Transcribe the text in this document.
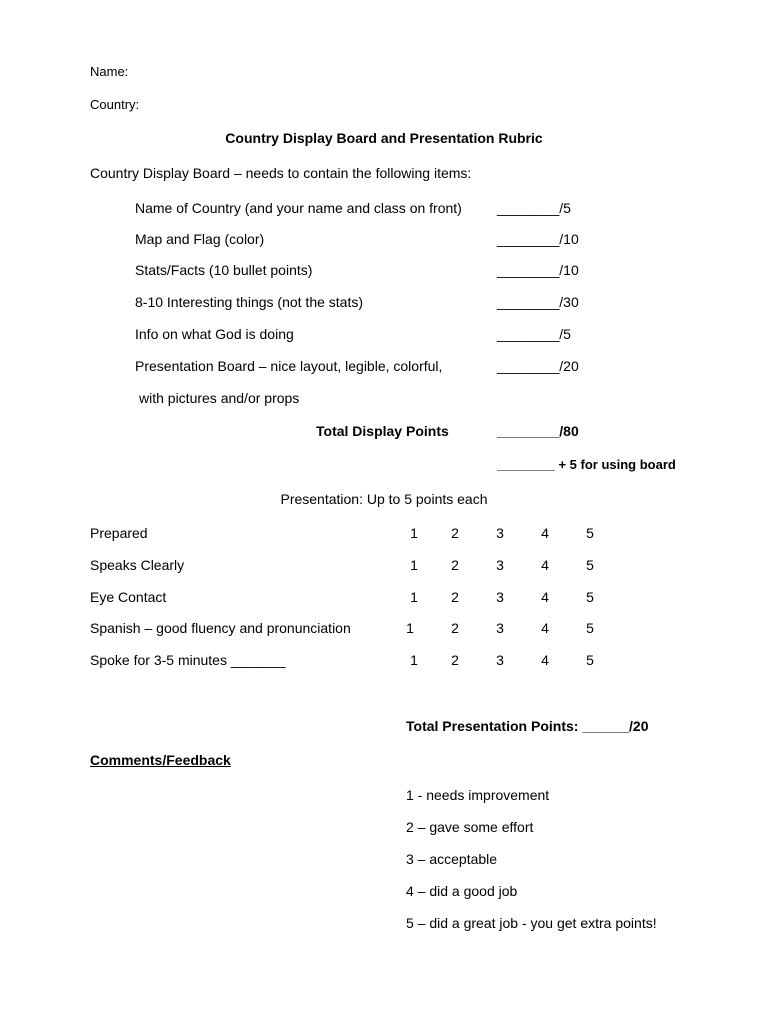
Name:
Country:
Country Display Board and Presentation Rubric
Country Display Board – needs to contain the following items:
Name of Country (and your name and class on front)	________/5
Map and Flag (color)	________/10
Stats/Facts (10 bullet points)	________/10
8-10 Interesting things (not the stats)	________/30
Info on what God is doing	________/5
Presentation Board – nice layout, legible, colorful,	________/20
with pictures and/or props
Total Display Points	________/80
________ + 5 for using board
Presentation: Up to 5 points each
Prepared	1	2	3	4	5
Speaks Clearly	1	2	3	4	5
Eye Contact	1	2	3	4	5
Spanish – good fluency and pronunciation	1	2	3	4	5
Spoke for 3-5 minutes _______	1	2	3	4	5
Total Presentation Points: ______/20
Comments/Feedback
1 - needs improvement
2 – gave some effort
3 – acceptable
4 – did a good job
5 – did a great job - you get extra points!
